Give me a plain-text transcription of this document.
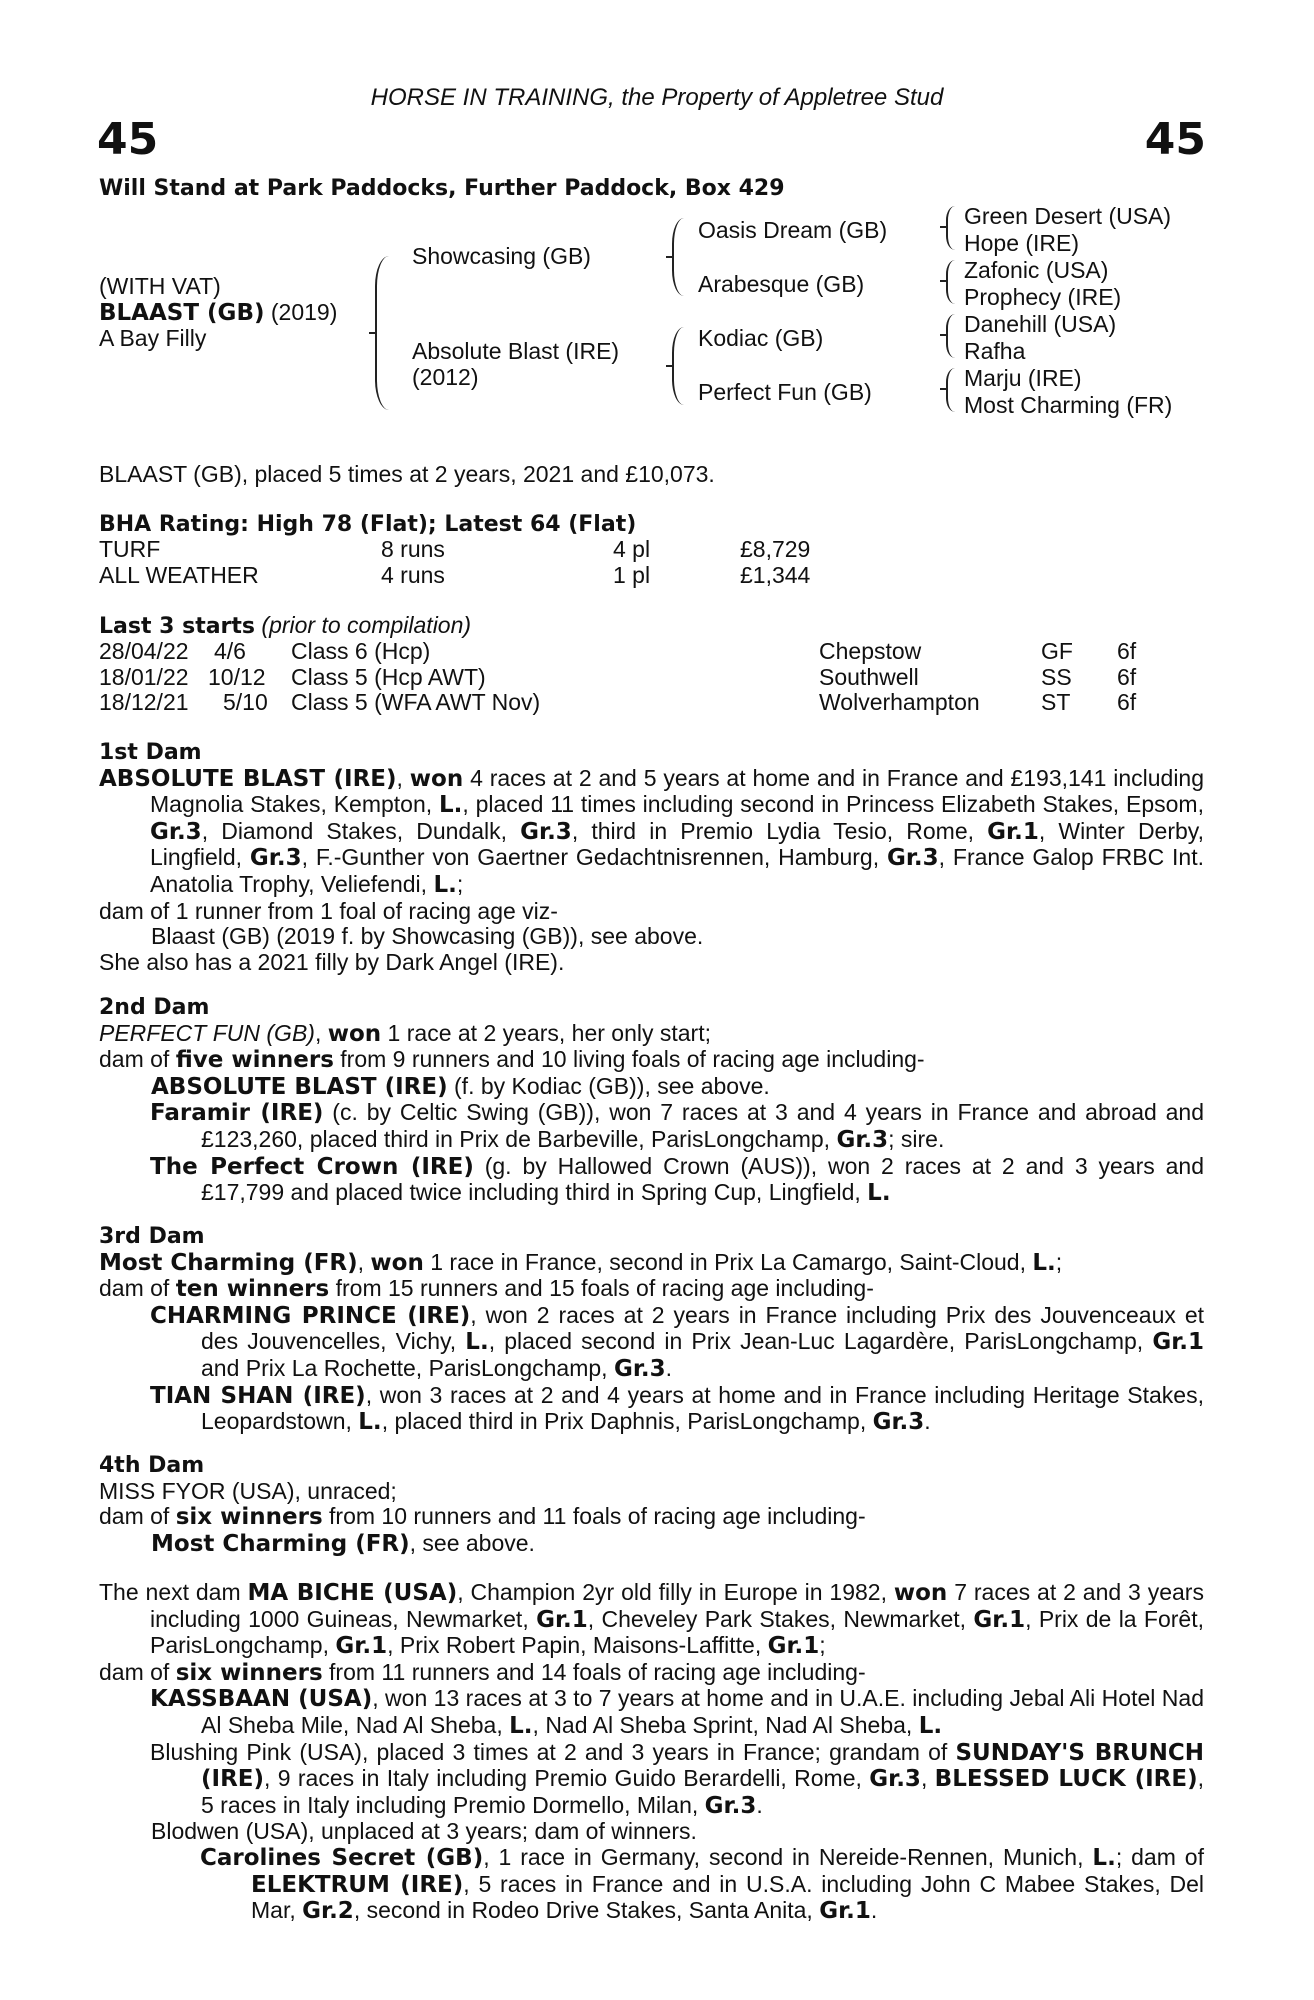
HORSE IN TRAINING, the Property of Appletree Stud
45	45
Will Stand at Park Paddocks, Further Paddock, Box 429
(WITH VAT)
BLAAST (GB) (2019)
A Bay Filly
Showcasing (GB)
Absolute Blast (IRE)
(2012)
Oasis Dream (GB)
Arabesque (GB)
Kodiac (GB)
Perfect Fun (GB)
Green Desert (USA)
Hope (IRE)
Zafonic (USA)
Prophecy (IRE)
Danehill (USA)
Rafha
Marju (IRE)
Most Charming (FR)
BLAAST (GB), placed 5 times at 2 years, 2021 and £10,073.
BHA Rating: High 78 (Flat); Latest 64 (Flat)
TURF	8 runs	4 pl	£8,729
ALL WEATHER	4 runs	1 pl	£1,344
Last 3 starts (prior to compilation)
28/04/22 4/6 Class 6 (Hcp)	Chepstow	GF 6f
18/01/22 10/12 Class 5 (Hcp AWT)	Southwell	SS 6f
18/12/21 5/10 Class 5 (WFA AWT Nov)	Wolverhampton	ST 6f

1st Dam

ABSOLUTE BLAST (IRE), won 4 races at 2 and 5 years at home and in France and £193,141 including Magnolia Stakes, Kempton, L., placed 11 times including second in Princess Elizabeth Stakes, Epsom, Gr.3, Diamond Stakes, Dundalk, Gr.3, third in Premio Lydia Tesio, Rome, Gr.1, Winter Derby, Lingfield, Gr.3, F.-Gunther von Gaertner Gedachtnisrennen, Hamburg, Gr.3, France Galop FRBC Int. Anatolia Trophy, Veliefendi, L.;

dam of 1 runner from 1 foal of racing age viz-

Blaast (GB) (2019 f. by Showcasing (GB)), see above.

She also has a 2021 filly by Dark Angel (IRE).

2nd Dam

PERFECT FUN (GB), won 1 race at 2 years, her only start;

dam of five winners from 9 runners and 10 living foals of racing age including-

ABSOLUTE BLAST (IRE) (f. by Kodiac (GB)), see above.

Faramir (IRE) (c. by Celtic Swing (GB)), won 7 races at 3 and 4 years in France and abroad and £123,260, placed third in Prix de Barbeville, ParisLongchamp, Gr.3; sire.

The Perfect Crown (IRE) (g. by Hallowed Crown (AUS)), won 2 races at 2 and 3 years and £17,799 and placed twice including third in Spring Cup, Lingfield, L.

3rd Dam

Most Charming (FR), won 1 race in France, second in Prix La Camargo, Saint-Cloud, L.;

dam of ten winners from 15 runners and 15 foals of racing age including-

CHARMING PRINCE (IRE), won 2 races at 2 years in France including Prix des Jouvenceaux et des Jouvencelles, Vichy, L., placed second in Prix Jean-Luc Lagardère, ParisLongchamp, Gr.1 and Prix La Rochette, ParisLongchamp, Gr.3.

TIAN SHAN (IRE), won 3 races at 2 and 4 years at home and in France including Heritage Stakes, Leopardstown, L., placed third in Prix Daphnis, ParisLongchamp, Gr.3.

4th Dam

MISS FYOR (USA), unraced;

dam of six winners from 10 runners and 11 foals of racing age including-

Most Charming (FR), see above.

The next dam MA BICHE (USA), Champion 2yr old filly in Europe in 1982, won 7 races at 2 and 3 years including 1000 Guineas, Newmarket, Gr.1, Cheveley Park Stakes, Newmarket, Gr.1, Prix de la Forêt, ParisLongchamp, Gr.1, Prix Robert Papin, Maisons-Laffitte, Gr.1;

dam of six winners from 11 runners and 14 foals of racing age including-

KASSBAAN (USA), won 13 races at 3 to 7 years at home and in U.A.E. including Jebal Ali Hotel Nad Al Sheba Mile, Nad Al Sheba, L., Nad Al Sheba Sprint, Nad Al Sheba, L.

Blushing Pink (USA), placed 3 times at 2 and 3 years in France; grandam of SUNDAY'S BRUNCH (IRE), 9 races in Italy including Premio Guido Berardelli, Rome, Gr.3, BLESSED LUCK (IRE), 5 races in Italy including Premio Dormello, Milan, Gr.3.

Blodwen (USA), unplaced at 3 years; dam of winners.

Carolines Secret (GB), 1 race in Germany, second in Nereide-Rennen, Munich, L.; dam of ELEKTRUM (IRE), 5 races in France and in U.S.A. including John C Mabee Stakes, Del Mar, Gr.2, second in Rodeo Drive Stakes, Santa Anita, Gr.1.
